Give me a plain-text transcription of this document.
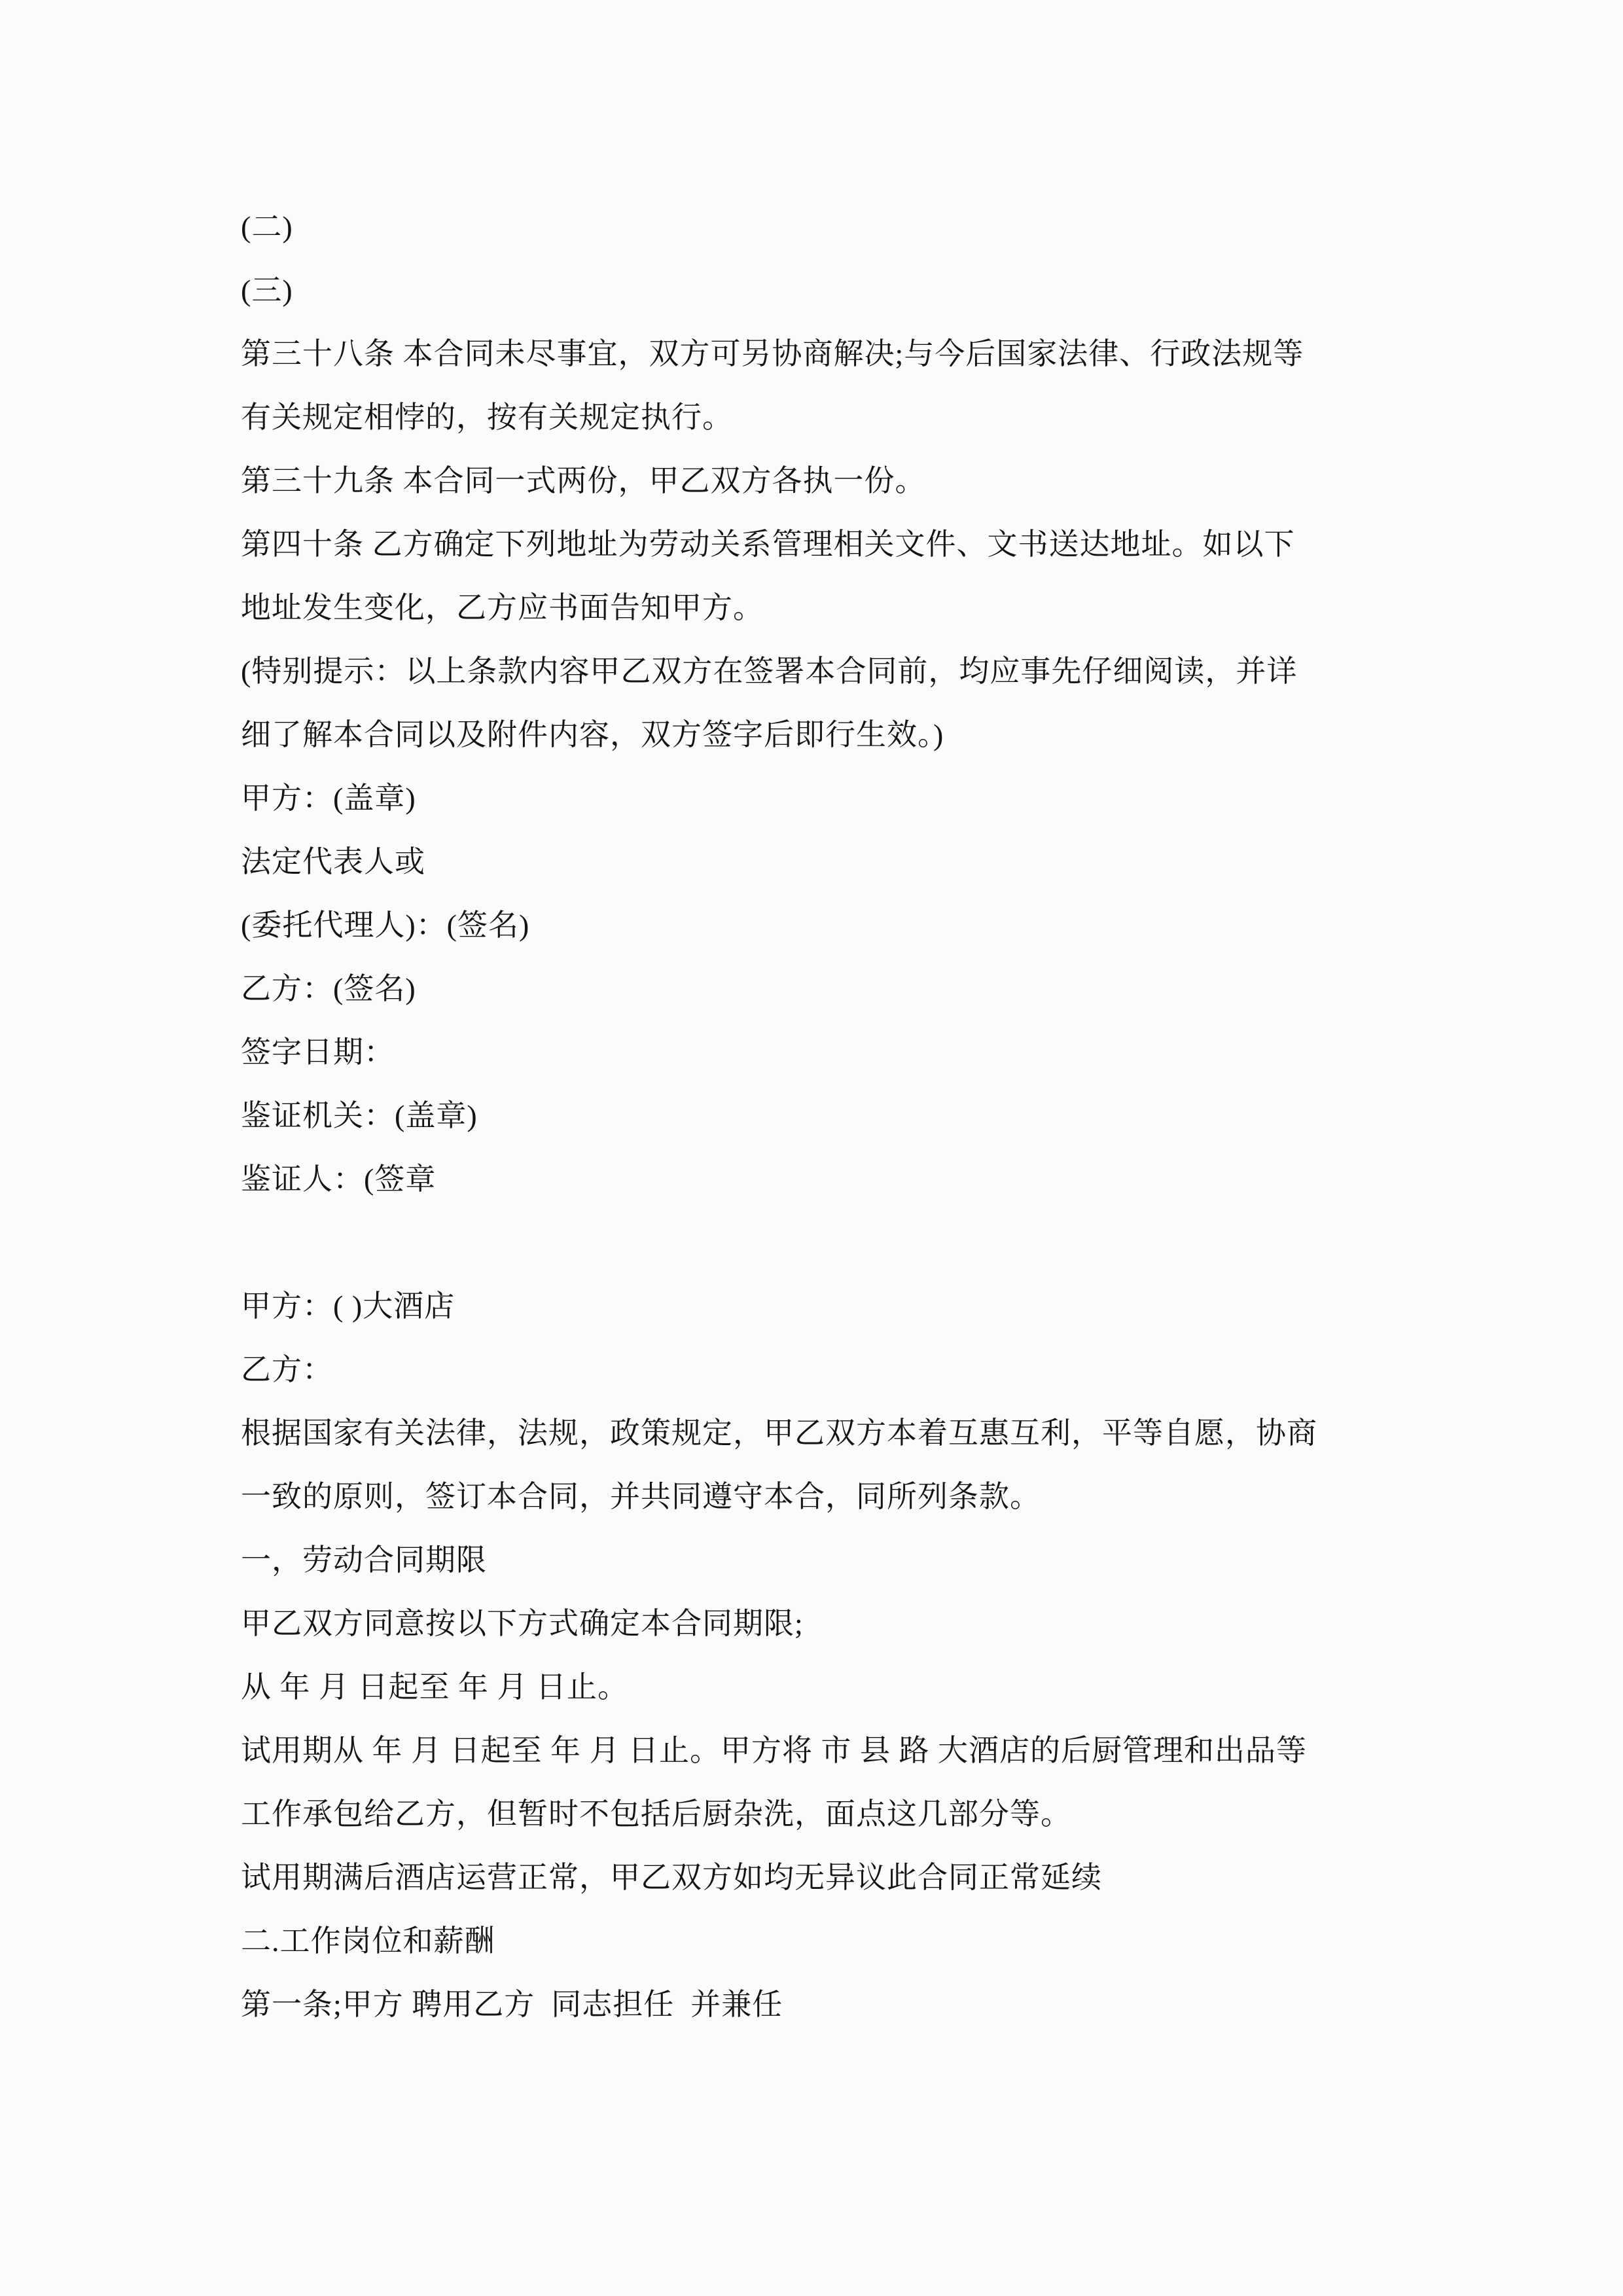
(二)
(三)
第三十八条 本合同未尽事宜，双方可另协商解决;与今后国家法律、行政法规等
有关规定相悖的，按有关规定执行。
第三十九条 本合同一式两份，甲乙双方各执一份。
第四十条 乙方确定下列地址为劳动关系管理相关文件、文书送达地址。如以下
地址发生变化，乙方应书面告知甲方。
(特别提示：以上条款内容甲乙双方在签署本合同前，均应事先仔细阅读，并详
细了解本合同以及附件内容，双方签字后即行生效。)
甲方：(盖章)
法定代表人或
(委托代理人)：(签名)
乙方：(签名)
签字日期：
鉴证机关：(盖章)
鉴证人：(签章
甲方：( )大酒店
乙方：
根据国家有关法律，法规，政策规定，甲乙双方本着互惠互利，平等自愿，协商
一致的原则，签订本合同，并共同遵守本合，同所列条款。
一，劳动合同期限
甲乙双方同意按以下方式确定本合同期限;
从 年 月 日起至 年 月 日止。
试用期从 年 月 日起至 年 月 日止。甲方将 市 县 路 大酒店的后厨管理和出品等
工作承包给乙方，但暂时不包括后厨杂洗，面点这几部分等。
试用期满后酒店运营正常，甲乙双方如均无异议此合同正常延续
二.工作岗位和薪酬
第一条;甲方 聘用乙方  同志担任  并兼任
